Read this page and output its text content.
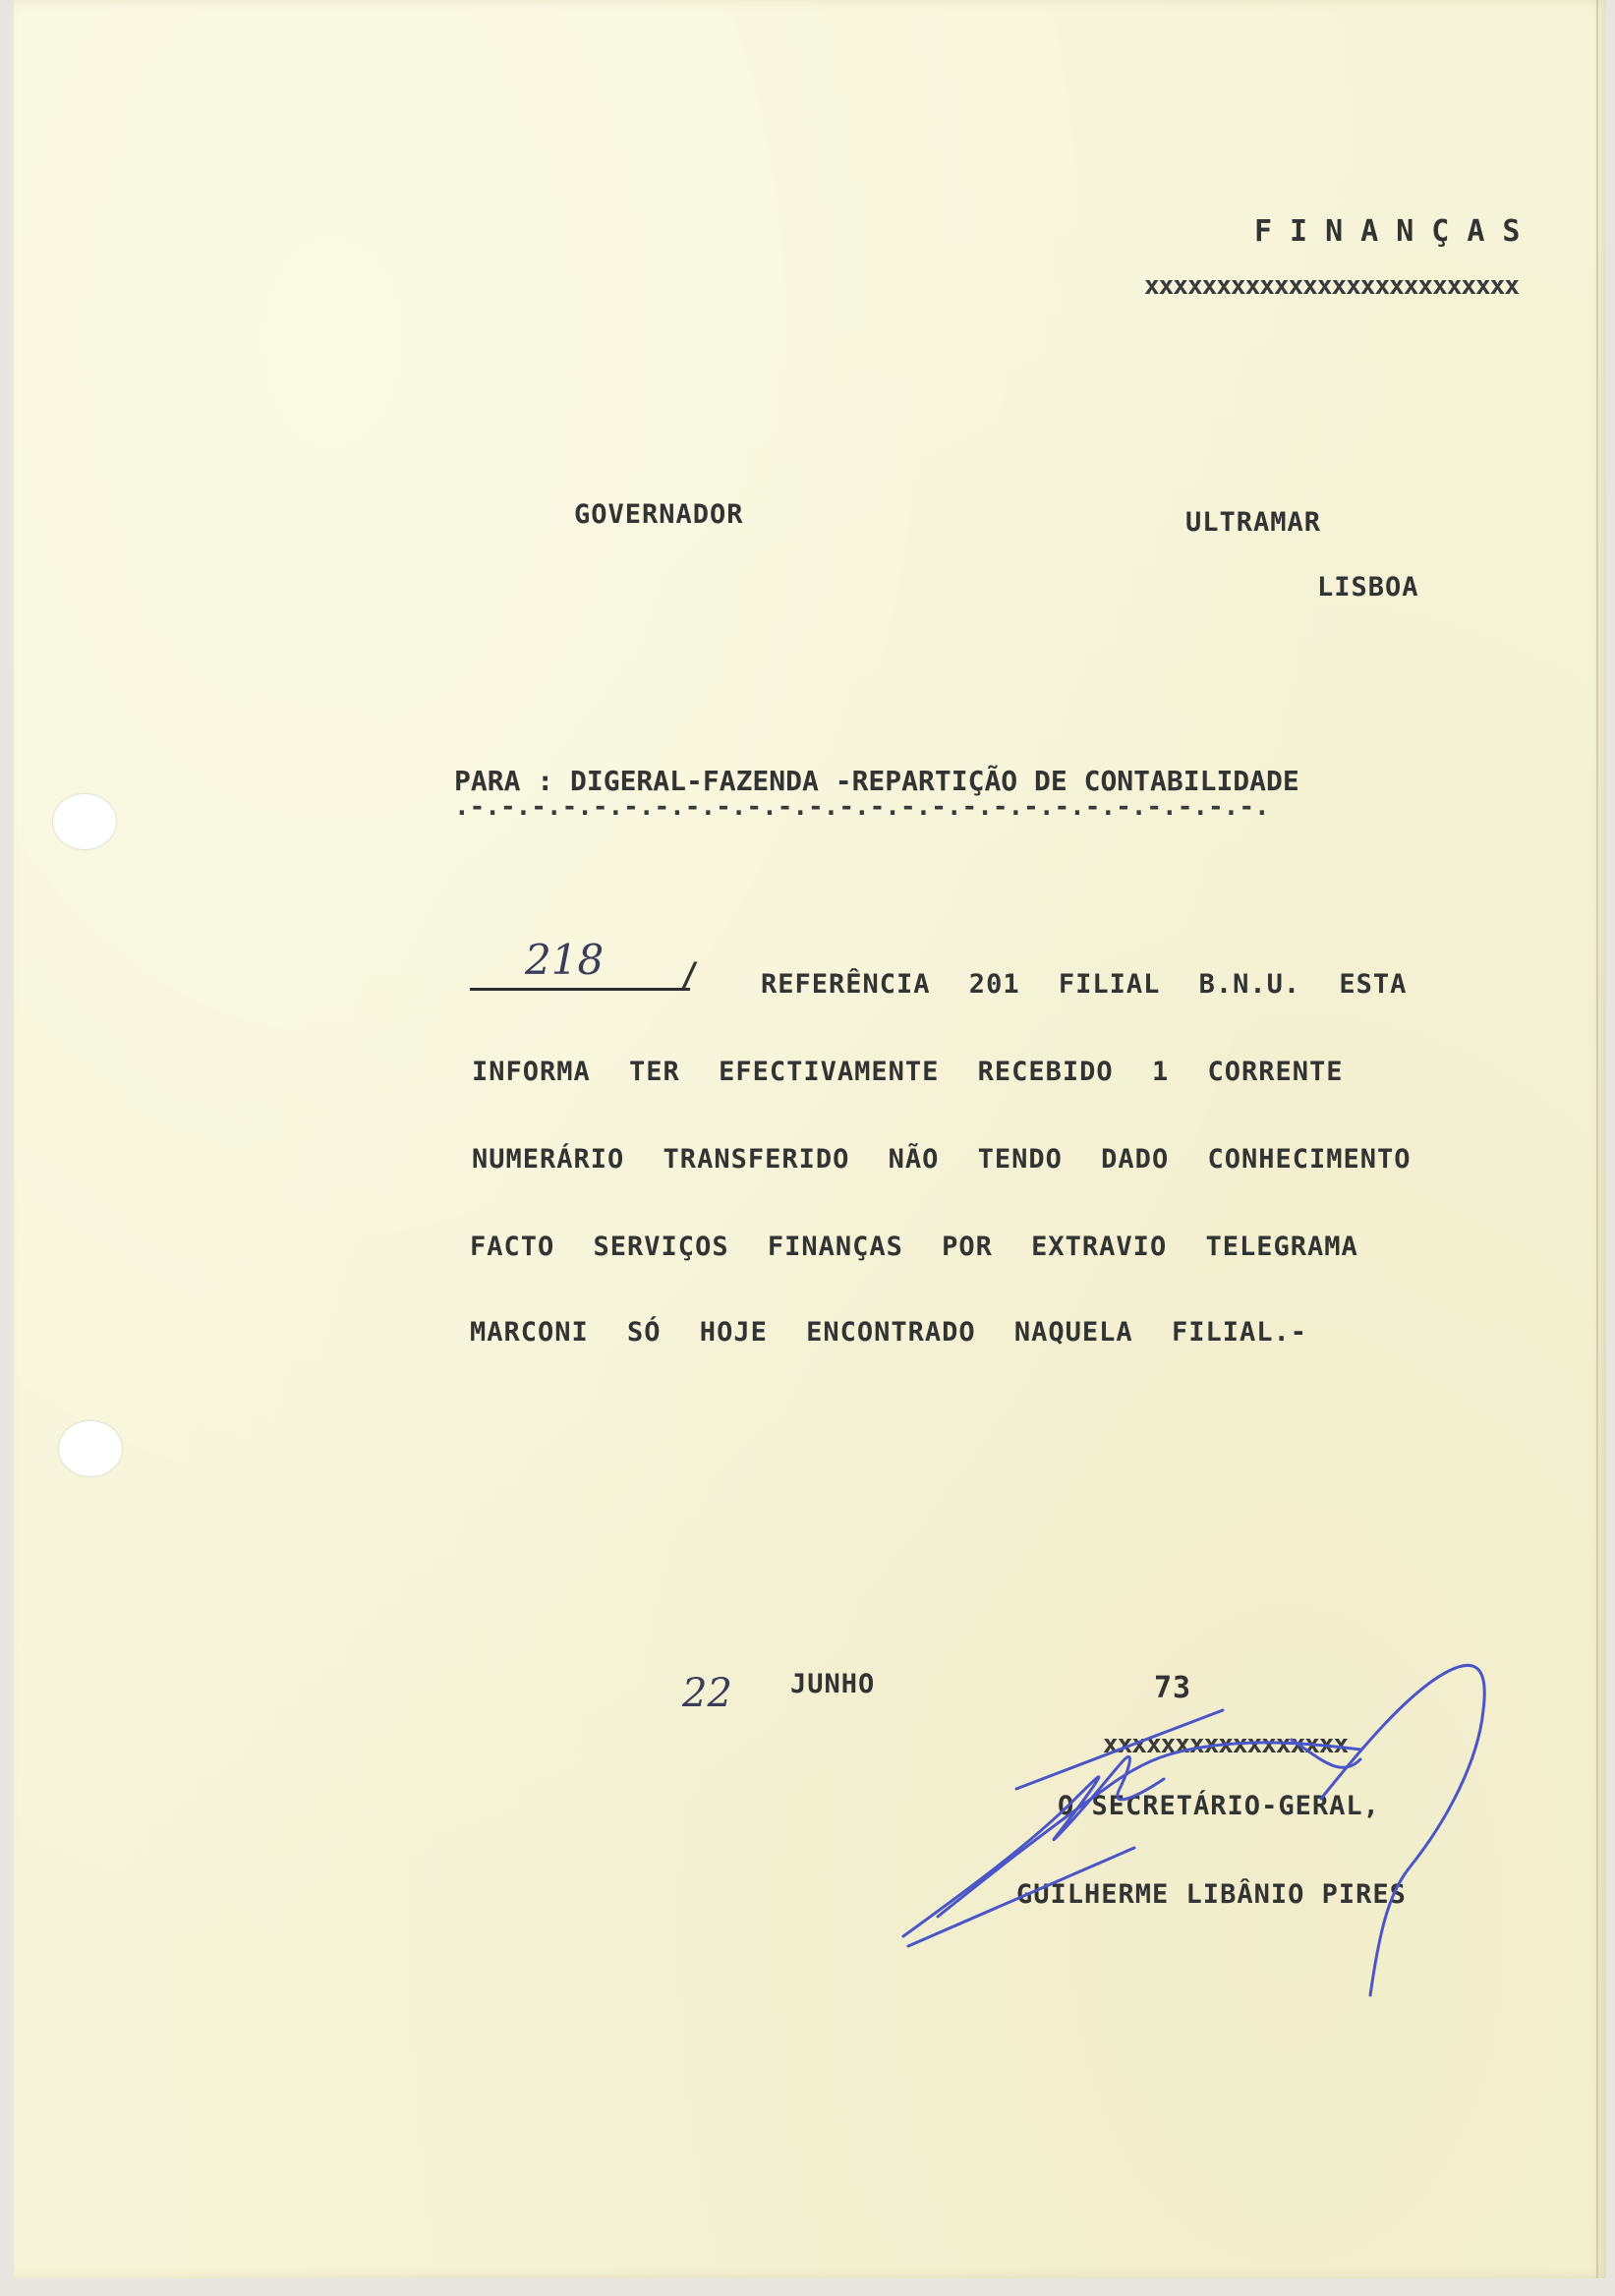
FINANÇAS
xxxxxxxxxxxxxxxxxxxxxxxxxx
GOVERNADOR	ULTRAMAR
LISBOA
PARA : DIGERAL-FAZENDA -REPARTIÇÃO DE CONTABILIDADE
.-.-.-.-.-.-.-.-.-.-.-.-.-.-.-.-.-.-.-.-.-.-.-.-.-.-.
218 / REFERÊNCIA 201 FILIAL B.N.U. ESTA
INFORMA TER EFECTIVAMENTE RECEBIDO 1 CORRENTE
NUMERÁRIO TRANSFERIDO NÃO TENDO DADO CONHECIMENTO
FACTO SERVIÇOS FINANÇAS POR EXTRAVIO TELEGRAMA
MARCONI SÓ HOJE ENCONTRADO NAQUELA FILIAL.-
22 JUNHO	73
xxxxxxxxxxxxxxxxx
O SECRETÁRIO-GERAL,
GUILHERME LIBÂNIO PIRES
